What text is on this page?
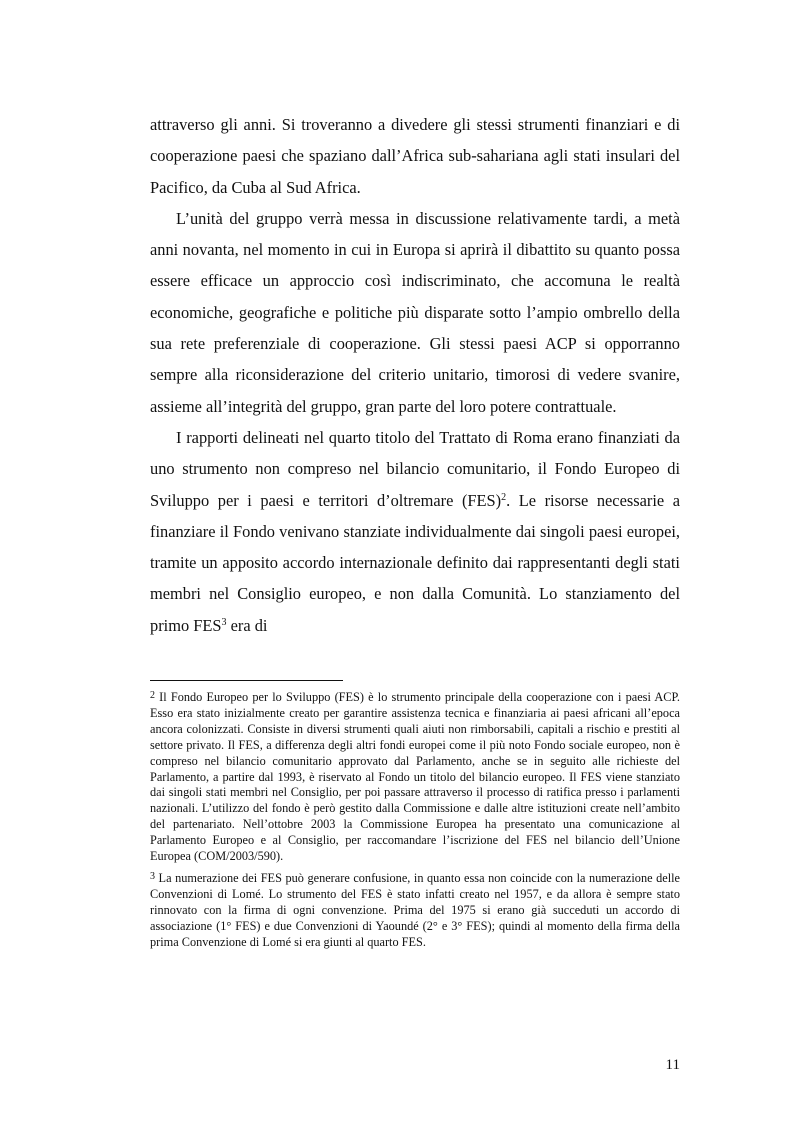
attraverso gli anni. Si troveranno a divedere gli stessi strumenti finanziari e di cooperazione paesi che spaziano dall’Africa sub-sahariana agli stati insulari del Pacifico, da Cuba al Sud Africa.

L’unità del gruppo verrà messa in discussione relativamente tardi, a metà anni novanta, nel momento in cui in Europa si aprirà il dibattito su quanto possa essere efficace un approccio così indiscriminato, che accomuna le realtà economiche, geografiche e politiche più disparate sotto l’ampio ombrello della sua rete preferenziale di cooperazione. Gli stessi paesi ACP si opporranno sempre alla riconsiderazione del criterio unitario, timorosi di vedere svanire, assieme all’integrità del gruppo, gran parte del loro potere contrattuale.

I rapporti delineati nel quarto titolo del Trattato di Roma erano finanziati da uno strumento non compreso nel bilancio comunitario, il Fondo Europeo di Sviluppo per i paesi e territori d’oltremare (FES)$^2$. Le risorse necessarie a finanziare il Fondo venivano stanziate individualmente dai singoli paesi europei, tramite un apposito accordo internazionale definito dai rappresentanti degli stati membri nel Consiglio europeo, e non dalla Comunità. Lo stanziamento del primo FES$^3$ era di

$^2$ Il Fondo Europeo per lo Sviluppo (FES) è lo strumento principale della cooperazione con i paesi ACP. Esso era stato inizialmente creato per garantire assistenza tecnica e finanziaria ai paesi africani all’epoca ancora colonizzati. Consiste in diversi strumenti quali aiuti non rimborsabili, capitali a rischio e prestiti al settore privato. Il FES, a differenza degli altri fondi europei come il più noto Fondo sociale europeo, non è compreso nel bilancio comunitario approvato dal Parlamento, anche se in seguito alle richieste del Parlamento, a partire dal 1993, è riservato al Fondo un titolo del bilancio europeo. Il FES viene stanziato dai singoli stati membri nel Consiglio, per poi passare attraverso il processo di ratifica presso i parlamenti nazionali. L’utilizzo del fondo è però gestito dalla Commissione e dalle altre istituzioni create nell’ambito del partenariato. Nell’ottobre 2003 la Commissione Europea ha presentato una comunicazione al Parlamento Europeo e al Consiglio, per raccomandare l’iscrizione del FES nel bilancio dell’Unione Europea (COM/2003/590).

$^3$ La numerazione dei FES può generare confusione, in quanto essa non coincide con la numerazione delle Convenzioni di Lomé. Lo strumento del FES è stato infatti creato nel 1957, e da allora è sempre stato rinnovato con la firma di ogni convenzione. Prima del 1975 si erano già succeduti un accordo di associazione (1° FES) e due Convenzioni di Yaoundé (2° e 3° FES); quindi al momento della firma della prima Convenzione di Lomé si era giunti al quarto FES.

11
